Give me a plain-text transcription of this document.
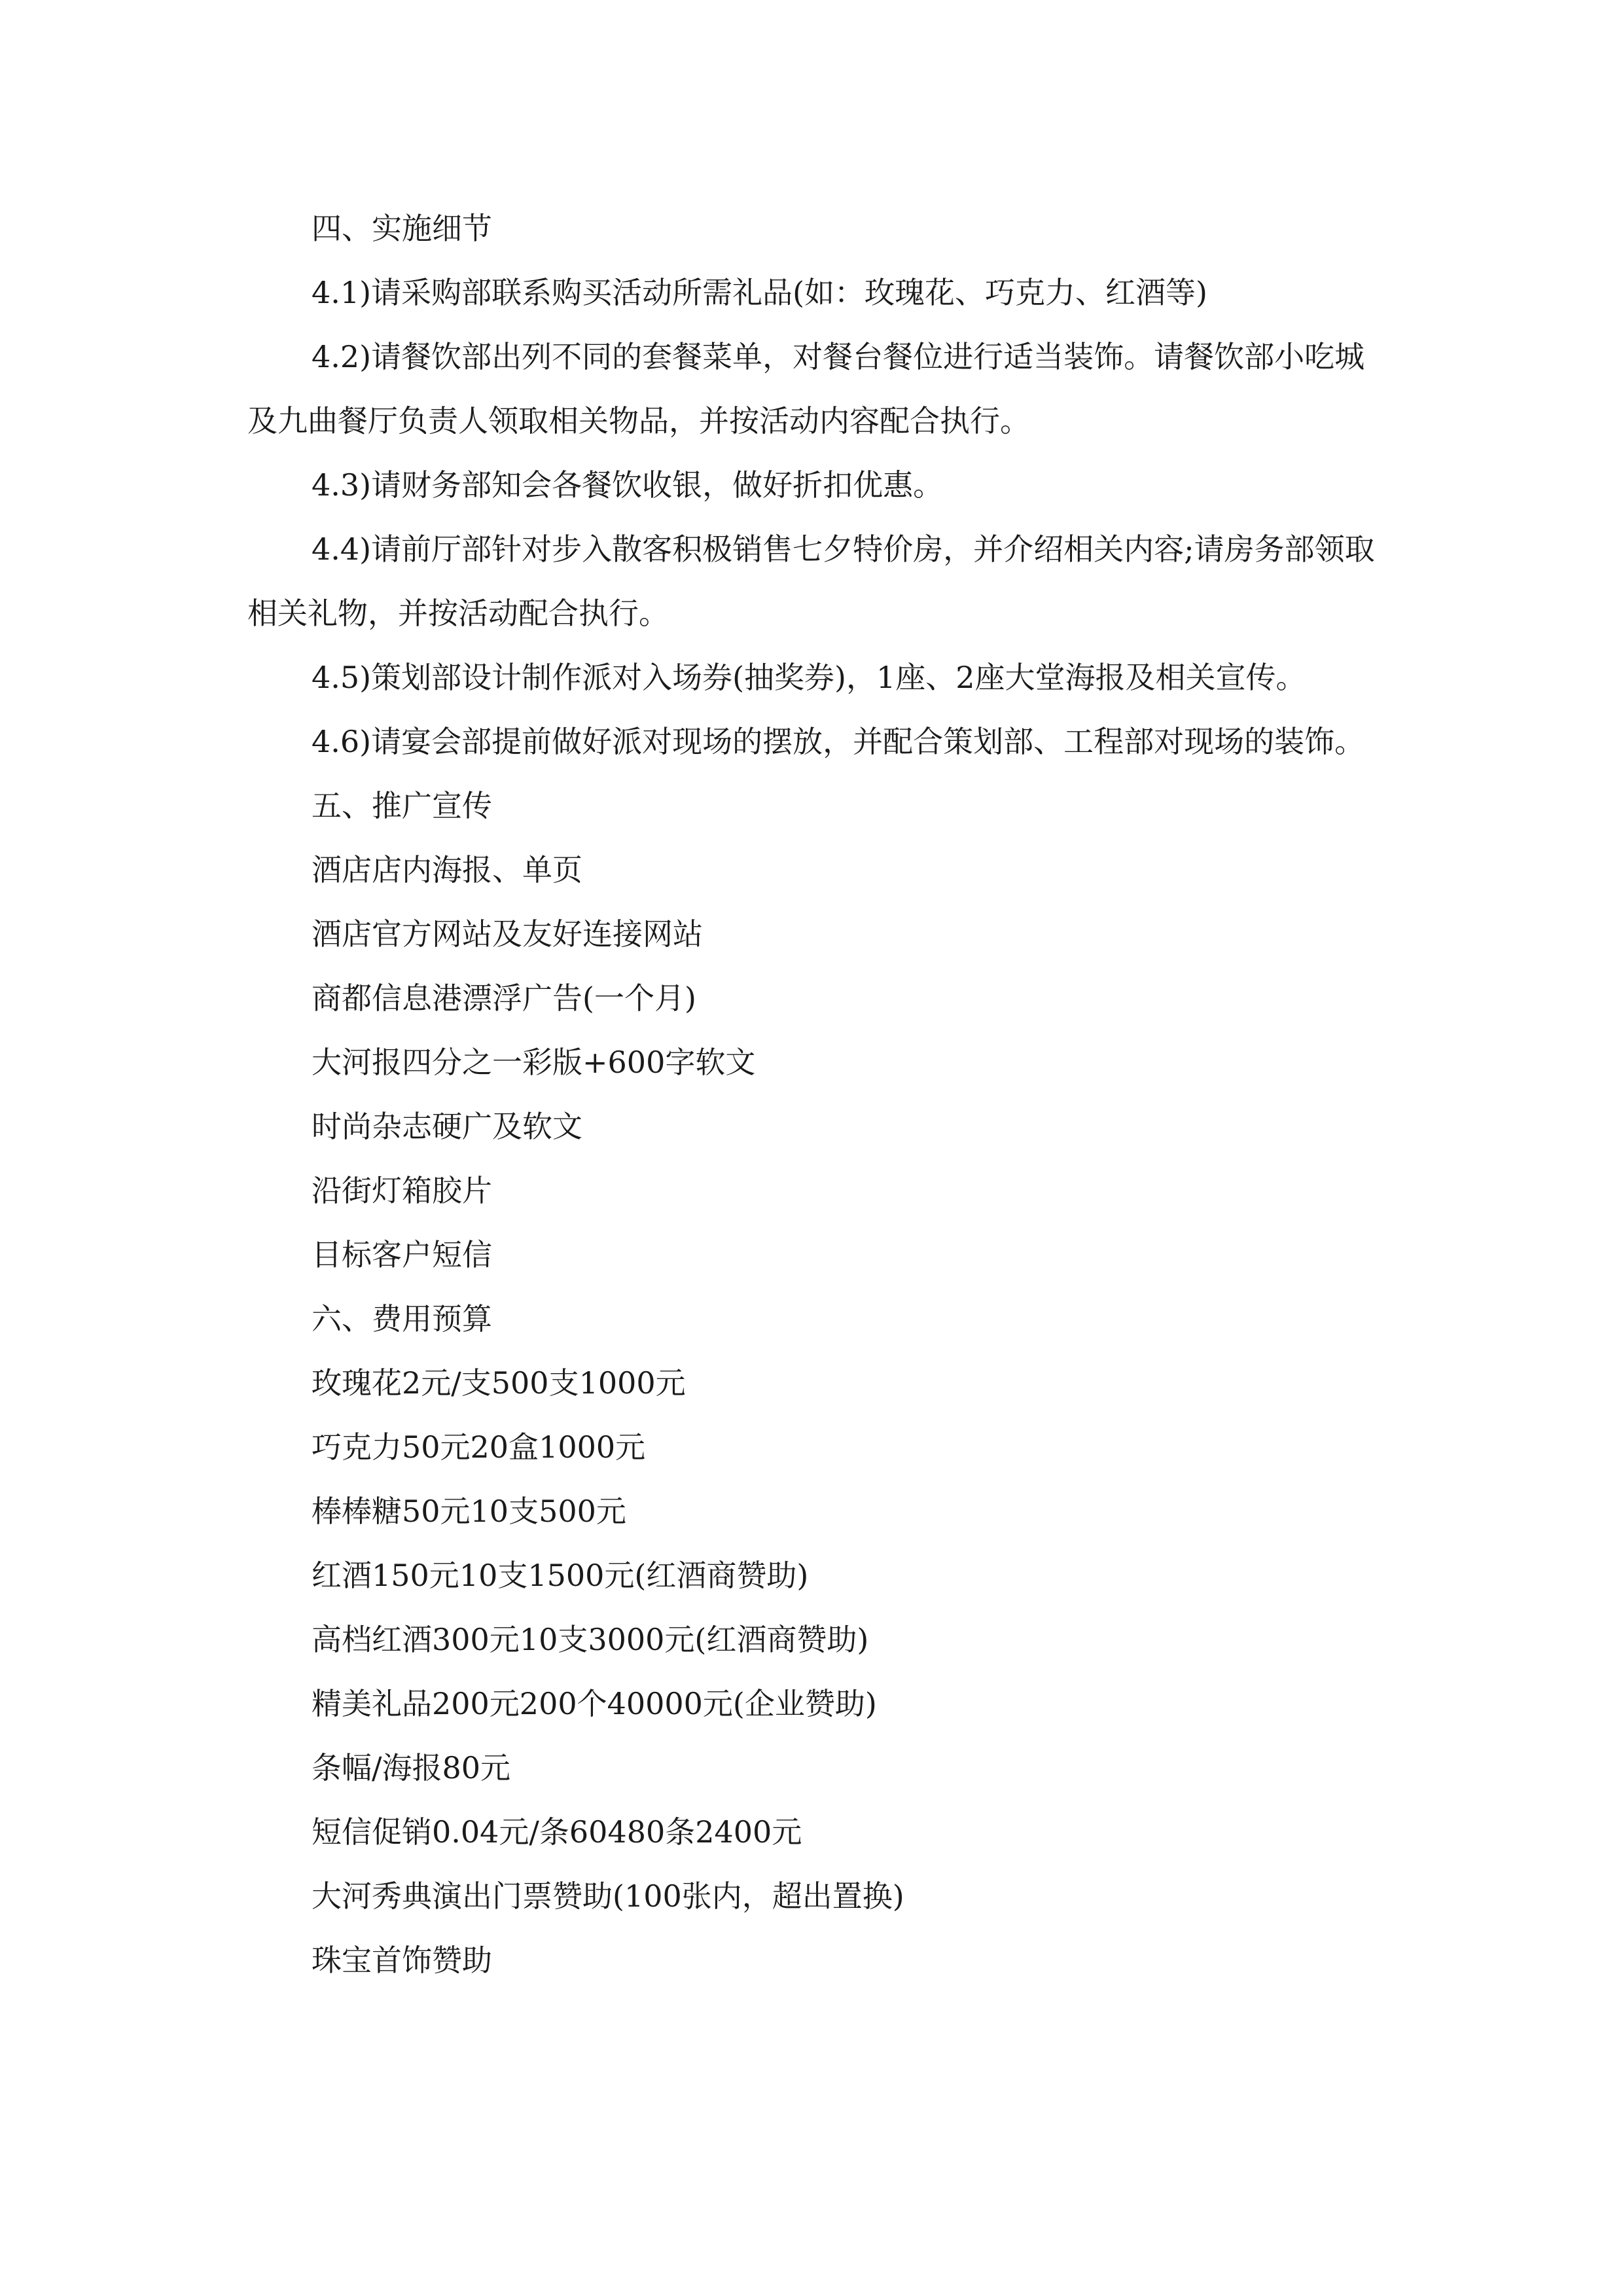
四、实施细节

4.1)请采购部联系购买活动所需礼品(如：玫瑰花、巧克力、红酒等)

4.2)请餐饮部出列不同的套餐菜单，对餐台餐位进行适当装饰。请餐饮部小吃城及九曲餐厅负责人领取相关物品，并按活动内容配合执行。

4.3)请财务部知会各餐饮收银，做好折扣优惠。

4.4)请前厅部针对步入散客积极销售七夕特价房，并介绍相关内容;请房务部领取相关礼物，并按活动配合执行。

4.5)策划部设计制作派对入场券(抽奖券)，1座、2座大堂海报及相关宣传。

4.6)请宴会部提前做好派对现场的摆放，并配合策划部、工程部对现场的装饰。

五、推广宣传

酒店店内海报、单页

酒店官方网站及友好连接网站

商都信息港漂浮广告(一个月)

大河报四分之一彩版+600字软文

时尚杂志硬广及软文

沿街灯箱胶片

目标客户短信

六、费用预算

玫瑰花2元/支500支1000元

巧克力50元20盒1000元

棒棒糖50元10支500元

红酒150元10支1500元(红酒商赞助)

高档红酒300元10支3000元(红酒商赞助)

精美礼品200元200个40000元(企业赞助)

条幅/海报80元

短信促销0.04元/条60480条2400元

大河秀典演出门票赞助(100张内，超出置换)

珠宝首饰赞助
